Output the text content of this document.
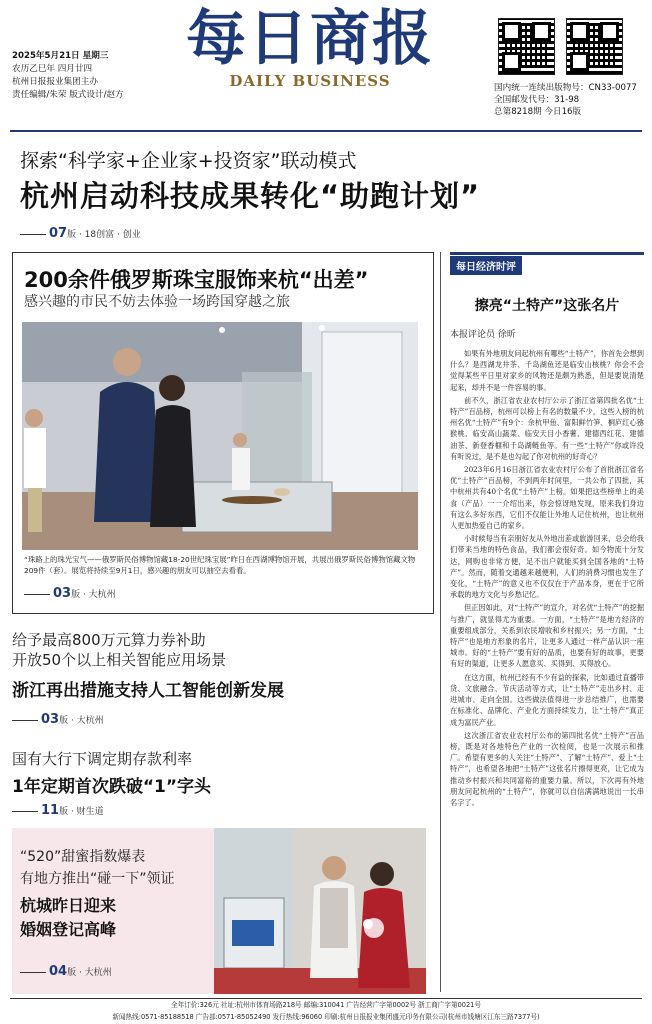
2025年5月21日 星期三
农历乙巳年 四月廿四
杭州日报报业集团主办
责任编辑/朱荣 版式设计/赵方
每日商报
DAILY BUSINESS	国内统一连续出版物号：CN33-0077
全国邮发代号：31-98
总第8218期 今日16版
探索“科学家+企业家+投资家”联动模式
杭州启动科技成果转化“助跑计划”
07版 · 18创富 · 创业
200余件俄罗斯珠宝服饰来杭“出差”
感兴趣的市民不妨去体验一场跨国穿越之旅
“珠路上的珠光宝气——俄罗斯民俗博物馆藏18-20世纪珠宝展”昨日在西湖博物馆开展，共展出俄罗斯民俗博物馆藏文物209件（套）。展览将持续至9月1日，感兴趣的朋友可以抽空去看看。
03版 · 大杭州
给予最高800万元算力券补助
开放50个以上相关智能应用场景
浙江再出措施支持人工智能创新发展
03版 · 大杭州
国有大行下调定期存款利率
1年定期首次跌破“1”字头
11版 · 财生道
“520”甜蜜指数爆表
有地方推出“碰一下”领证
杭城昨日迎来
婚姻登记高峰
04版 · 大杭州
每日经济时评
擦亮“土特产”这张名片
本报评论员 徐昕

如果有外地朋友问起杭州有哪些“土特产”，你首先会想到什么？是西湖龙井茶、千岛湖鱼还是临安山核桃？你会不会觉得某些平日里对家乡的风物还是颇为熟悉，但是要说清楚起来，却并不是一件容易的事。

前不久，浙江省农业农村厅公示了浙江省第四批名优“土特产”百品榜，杭州可以榜上有名的数量不少，这些入榜的杭州名优“土特产”有9个：余杭甲鱼、富阳鲜竹笋、桐庐红心猕猴桃、临安高山蔬菜、临安天目小香薯、建德西红花、建德油茶、新登香榧和千岛湖鲢鱼等。有一些“土特产”你或许没有听说过，是不是也勾起了你对杭州的好奇心？

2023年6月16日浙江省农业农村厅公布了首批浙江省名优“土特产”百品榜，不到两年时间里，一共公布了四批，其中杭州共有40个名优“土特产”上榜。如果把这些榜单上的美食（产品）一一介绍出来，你会惊讶地发现，原来我们身边有这么多好东西，它们不仅能让外地人记住杭州，也让杭州人更加热爱自己的家乡。

小时候每当有亲朋好友从外地出差或旅游回来，总会给我们带来当地的特色食品，我们都会很好奇。如今物流十分发达，网购也非常方便，足不出户就能买到全国各地的“土特产”。然而，随着交通越来越便利，人们的消费习惯也发生了变化，“土特产”的意义也不仅仅在于产品本身，更在于它所承载的地方文化与乡愁记忆。

但正因如此，对“土特产”的宣介，对名优“土特产”的挖掘与推广，就显得尤为重要。一方面，“土特产”是地方经济的重要组成部分，关系到农民增收和乡村振兴；另一方面，“土特产”也是地方形象的名片，让更多人通过一样产品认识一座城市。好的“土特产”要有好的品质，也要有好的故事，更要有好的渠道，让更多人愿意买、买得到、买得放心。

在这方面，杭州已经有不少有益的探索，比如通过直播带货、文旅融合、节庆活动等方式，让“土特产”走出乡村、走进城市、走向全国。这些做法值得进一步总结推广，也需要在标准化、品牌化、产业化方面持续发力，让“土特产”真正成为富民产业。

这次浙江省农业农村厅公布的第四批名优“土特产”百品榜，既是对各地特色产业的一次检阅，也是一次展示和推广。希望有更多的人关注“土特产”、了解“土特产”、爱上“土特产”，也希望各地把“土特产”这张名片擦得更亮，让它成为推动乡村振兴和共同富裕的重要力量。所以，下次再有外地朋友问起杭州的“土特产”，你就可以自信满满地说出一长串名字了。

全年订价:326元 社址:杭州市体育场路218号 邮编:310041 广告经营广字第0002号 浙工商广字第0021号
新闻热线:0571-85188518 广告部:0571-85052490 发行热线:96060 印刷:杭州日报报业集团盛元印务有限公司(杭州市钱塘区江东三路7377号)
